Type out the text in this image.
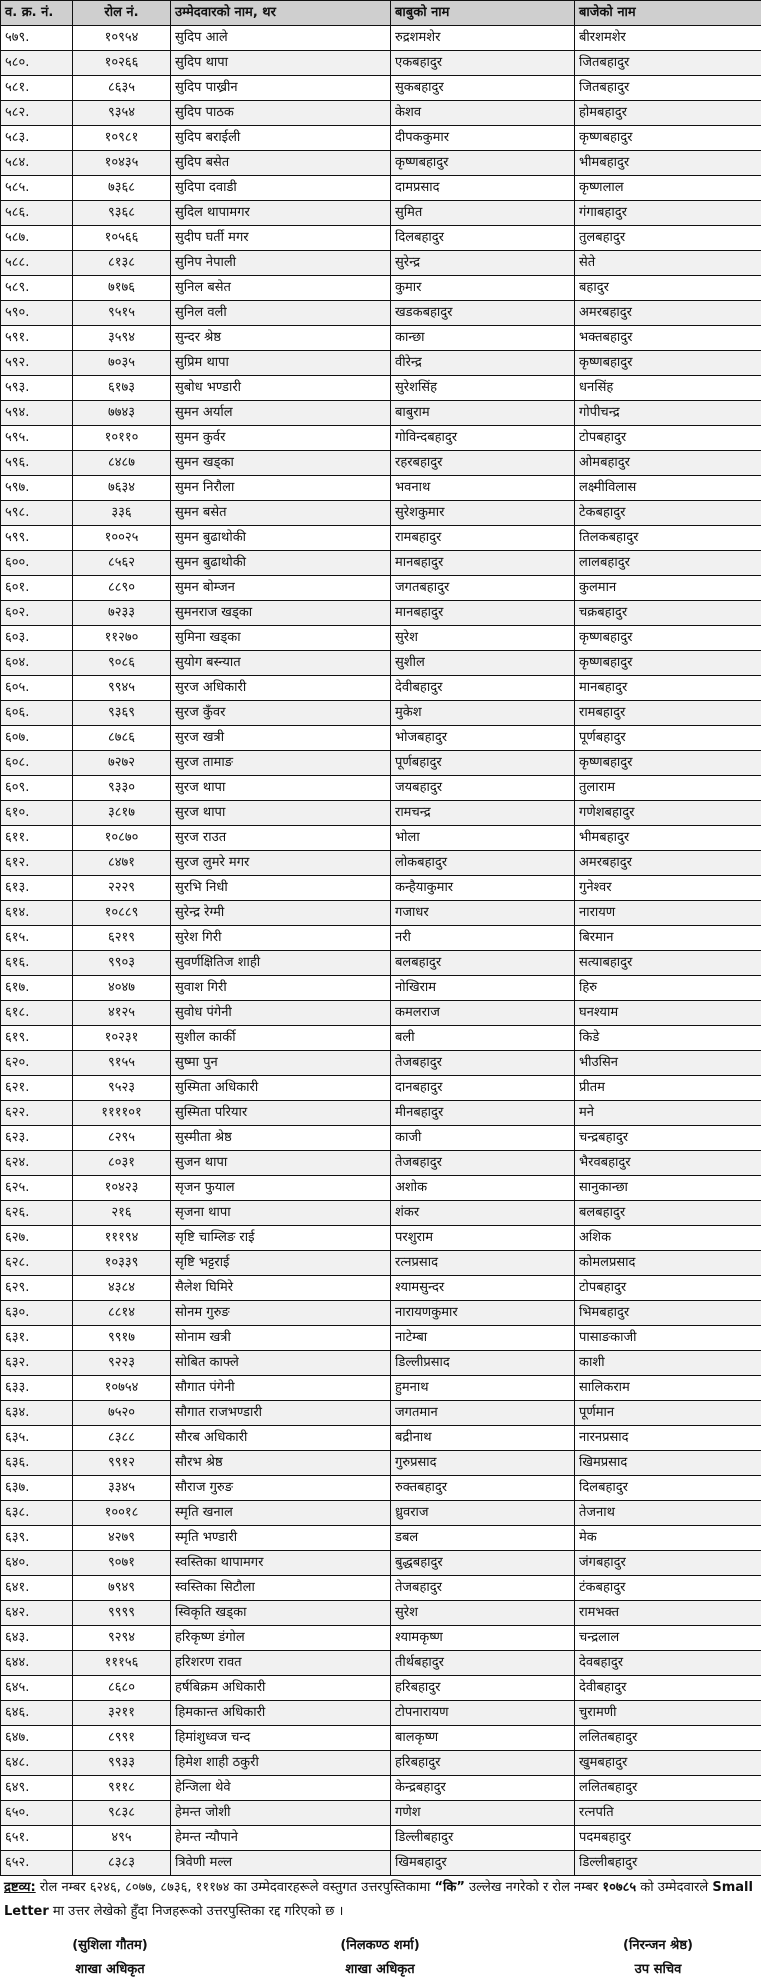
व. क्र. नं.	रोल नं.	उम्मेदवारको नाम, थर	बाबुको नाम	बाजेको नाम
५७९.	१०९५४	सुदिप आले	रुद्रशमशेर	बीरशमशेर
५८०.	१०२६६	सुदिप थापा	एकबहादुर	जितबहादुर
५८१.	८६३५	सुदिप पाख्रीन	सुकबहादुर	जितबहादुर
५८२.	९३५४	सुदिप पाठक	केशव	होमबहादुर
५८३.	१०९८१	सुदिप बराईली	दीपककुमार	कृष्णबहादुर
५८४.	१०४३५	सुदिप बसेत	कृष्णबहादुर	भीमबहादुर
५८५.	७३६८	सुदिपा दवाडी	दामप्रसाद	कृष्णलाल
५८६.	९३६८	सुदिल थापामगर	सुमित	गंगाबहादुर
५८७.	१०५६६	सुदीप घर्ती मगर	दिलबहादुर	तुलबहादुर
५८८.	८१३८	सुनिप नेपाली	सुरेन्द्र	सेते
५८९.	७१७६	सुनिल बसेत	कुमार	बहादुर
५९०.	९५१५	सुनिल वली	खडकबहादुर	अमरबहादुर
५९१.	३५९४	सुन्दर श्रेष्ठ	कान्छा	भक्तबहादुर
५९२.	७०३५	सुप्रिम थापा	वीरेन्द्र	कृष्णबहादुर
५९३.	६१७३	सुबोध भण्डारी	सुरेशसिंह	धनसिंह
५९४.	७७४३	सुमन अर्याल	बाबुराम	गोपीचन्द्र
५९५.	१०११०	सुमन कुर्वर	गोविन्दबहादुर	टोपबहादुर
५९६.	८४८७	सुमन खड्का	रहरबहादुर	ओमबहादुर
५९७.	७६३४	सुमन निरौला	भवनाथ	लक्ष्मीविलास
५९८.	३३६	सुमन बसेत	सुरेशकुमार	टेकबहादुर
५९९.	१००२५	सुमन बुढाथोकी	रामबहादुर	तिलकबहादुर
६००.	८५६२	सुमन बुढाथोकी	मानबहादुर	लालबहादुर
६०१.	८८९०	सुमन बोम्जन	जगतबहादुर	कुलमान
६०२.	७२३३	सुमनराज खड्का	मानबहादुर	चक्रबहादुर
६०३.	११२७०	सुमिना खड्का	सुरेश	कृष्णबहादुर
६०४.	९०८६	सुयोग बस्न्यात	सुशील	कृष्णबहादुर
६०५.	९९४५	सुरज अधिकारी	देवीबहादुर	मानबहादुर
६०६.	९३६९	सुरज कुँवर	मुकेश	रामबहादुर
६०७.	८७८६	सुरज खत्री	भोजबहादुर	पूर्णबहादुर
६०८.	७२७२	सुरज तामाङ	पूर्णबहादुर	कृष्णबहादुर
६०९.	९३३०	सुरज थापा	जयबहादुर	तुलाराम
६१०.	३८१७	सुरज थापा	रामचन्द्र	गणेशबहादुर
६११.	१०८७०	सुरज राउत	भोला	भीमबहादुर
६१२.	८४७१	सुरज लुमरे मगर	लोकबहादुर	अमरबहादुर
६१३.	२२२९	सुरभि निधी	कन्हैयाकुमार	गुनेश्वर
६१४.	१०८८९	सुरेन्द्र रेग्मी	गजाधर	नारायण
६१५.	६२१९	सुरेश गिरी	नरी	बिरमान
६१६.	९९०३	सुवर्णक्षितिज शाही	बलबहादुर	सत्याबहादुर
६१७.	४०४७	सुवाश गिरी	नोखिराम	हिरु
६१८.	४१२५	सुवोध पंगेनी	कमलराज	घनश्याम
६१९.	१०२३१	सुशील कार्की	बली	किडे
६२०.	९१५५	सुष्मा पुन	तेजबहादुर	भीउसिन
६२१.	९५२३	सुस्मिता अधिकारी	दानबहादुर	प्रीतम
६२२.	११११०१	सुस्मिता परियार	मीनबहादुर	मने
६२३.	८२९५	सुस्मीता श्रेष्ठ	काजी	चन्द्रबहादुर
६२४.	८०३१	सुजन थापा	तेजबहादुर	भैरवबहादुर
६२५.	१०४२३	सृजन फुयाल	अशोक	सानुकान्छा
६२६.	२१६	सृजना थापा	शंकर	बलबहादुर
६२७.	१११९४	सृष्टि चाम्लिङ राई	परशुराम	अशिक
६२८.	१०३३९	सृष्टि भट्टराई	रत्नप्रसाद	कोमलप्रसाद
६२९.	४३८४	सैलेश घिमिरे	श्यामसुन्दर	टोपबहादुर
६३०.	८८१४	सोनम गुरुङ	नारायणकुमार	भिमबहादुर
६३१.	९९१७	सोनाम खत्री	नाटेम्बा	पासाङकाजी
६३२.	९२२३	सोबित काफ्ले	डिल्लीप्रसाद	काशी
६३३.	१०७५४	सौगात पंगेनी	हुमनाथ	सालिकराम
६३४.	७५२०	सौगात राजभण्डारी	जगतमान	पूर्णमान
६३५.	८३८८	सौरब अधिकारी	बद्रीनाथ	नारनप्रसाद
६३६.	९९१२	सौरभ श्रेष्ठ	गुरुप्रसाद	खिमप्रसाद
६३७.	३३४५	सौराज गुरुङ	रुक्तबहादुर	दिलबहादुर
६३८.	१००१८	स्मृति खनाल	ध्रुवराज	तेजनाथ
६३९.	४२७९	स्मृति भण्डारी	डबल	मेक
६४०.	९०७१	स्वस्तिका थापामगर	बुद्धबहादुर	जंगबहादुर
६४१.	७९४९	स्वस्तिका सिटौला	तेजबहादुर	टंकबहादुर
६४२.	९९९९	स्विकृति खड्का	सुरेश	रामभक्त
६४३.	९२९४	हरिकृष्ण डंगोल	श्यामकृष्ण	चन्द्रलाल
६४४.	१११५६	हरिशरण रावत	तीर्थबहादुर	देवबहादुर
६४५.	८६८०	हर्षबिक्रम अधिकारी	हरिबहादुर	देवीबहादुर
६४६.	३२११	हिमकान्त अधिकारी	टोपनारायण	चुरामणी
६४७.	८९९१	हिमांशुध्वज चन्द	बालकृष्ण	ललितबहादुर
६४८.	९९३३	हिमेश शाही ठकुरी	हरिबहादुर	खुमबहादुर
६४९.	९११८	हेन्जिला थेवे	केन्द्रबहादुर	ललितबहादुर
६५०.	९८३८	हेमन्त जोशी	गणेश	रत्नपति
६५१.	४९५	हेमन्त न्यौपाने	डिल्लीबहादुर	पदमबहादुर
६५२.	८३८३	त्रिवेणी मल्ल	खिमबहादुर	डिल्लीबहादुर
द्रष्टव्य: रोल नम्बर ६२४६, ८०७७, ८७३६, १११७४ का उम्मेदवारहरूले वस्तुगत उत्तरपुस्तिकामा “कि” उल्लेख नगरेको र रोल नम्बर १०७८५ को उम्मेदवारले Small Letter मा उत्तर लेखेको हुँदा निजहरूको उत्तरपुस्तिका रद्द गरिएको छ ।
(सुशिला गौतम)
शाखा अधिकृत
(निलकण्ठ शर्मा)
शाखा अधिकृत
(निरन्जन श्रेष्ठ)
उप सचिव
